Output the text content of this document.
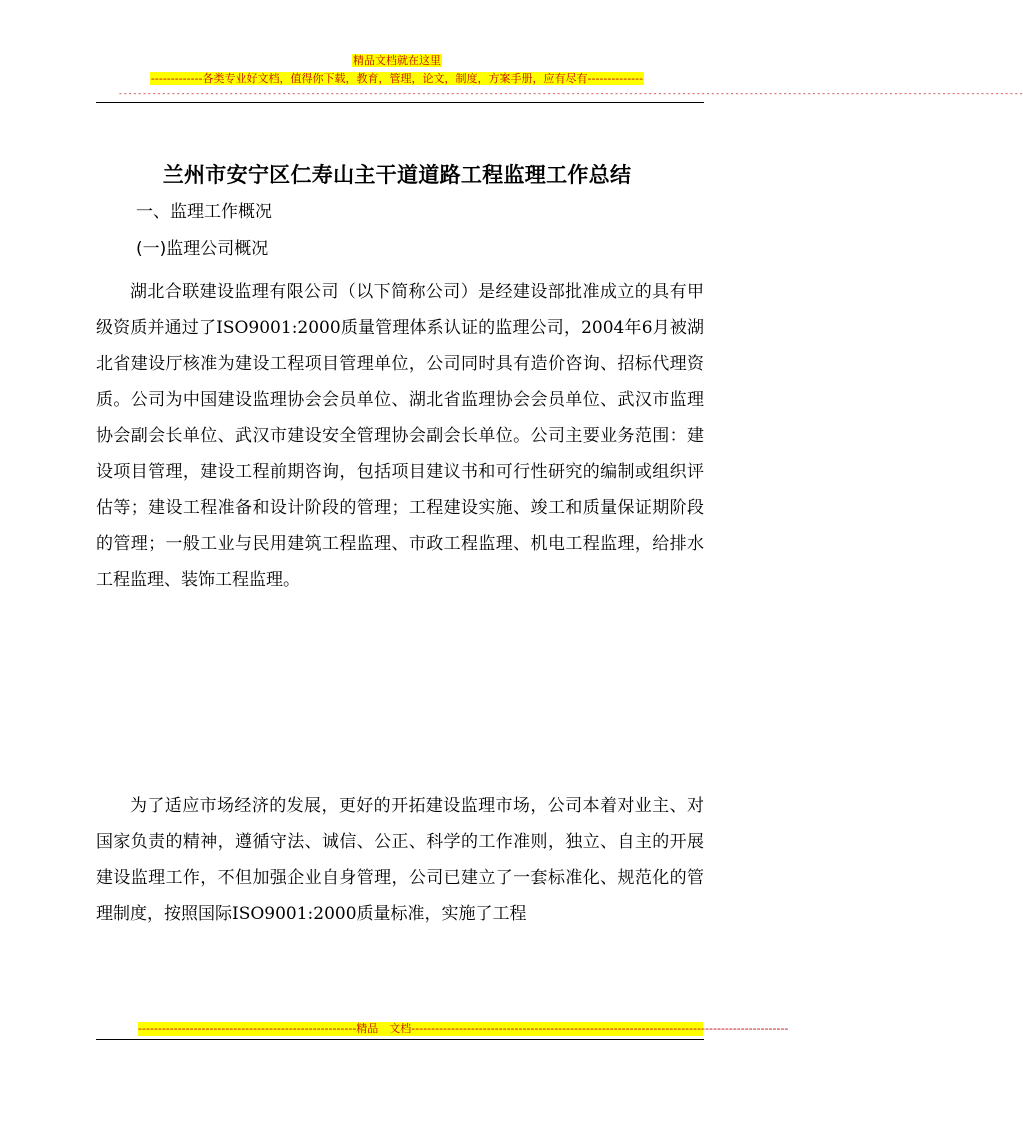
精品文档就在这里
-------------各类专业好文档，值得你下载，教育，管理，论文，制度，方案手册，应有尽有--------------
--------------------------------------------------------------------------------------------------------------------------------------------------------------------------------------------
兰州市安宁区仁寿山主干道道路工程监理工作总结
一、监理工作概况
(一)监理公司概况

湖北合联建设监理有限公司（以下简称公司）是经建设部批准成立的具有甲级资质并通过了ISO9001:2000质量管理体系认证的监理公司，2004年6月被湖北省建设厅核准为建设工程项目管理单位，公司同时具有造价咨询、招标代理资质。公司为中国建设监理协会会员单位、湖北省监理协会会员单位、武汉市监理协会副会长单位、武汉市建设安全管理协会副会长单位。公司主要业务范围：建设项目管理，建设工程前期咨询，包括项目建议书和可行性研究的编制或组织评估等；建设工程准备和设计阶段的管理；工程建设实施、竣工和质量保证期阶段的管理；一般工业与民用建筑工程监理、市政工程监理、机电工程监理，给排水工程监理、装饰工程监理。

为了适应市场经济的发展，更好的开拓建设监理市场，公司本着对业主、对国家负责的精神，遵循守法、诚信、公正、科学的工作准则，独立、自主的开展建设监理工作，不但加强企业自身管理，公司已建立了一套标准化、规范化的管理制度，按照国际ISO9001:2000质量标准，实施了工程

-------------------------------------------------------精品　文档-----------------------------------------------------------------------------------------------
